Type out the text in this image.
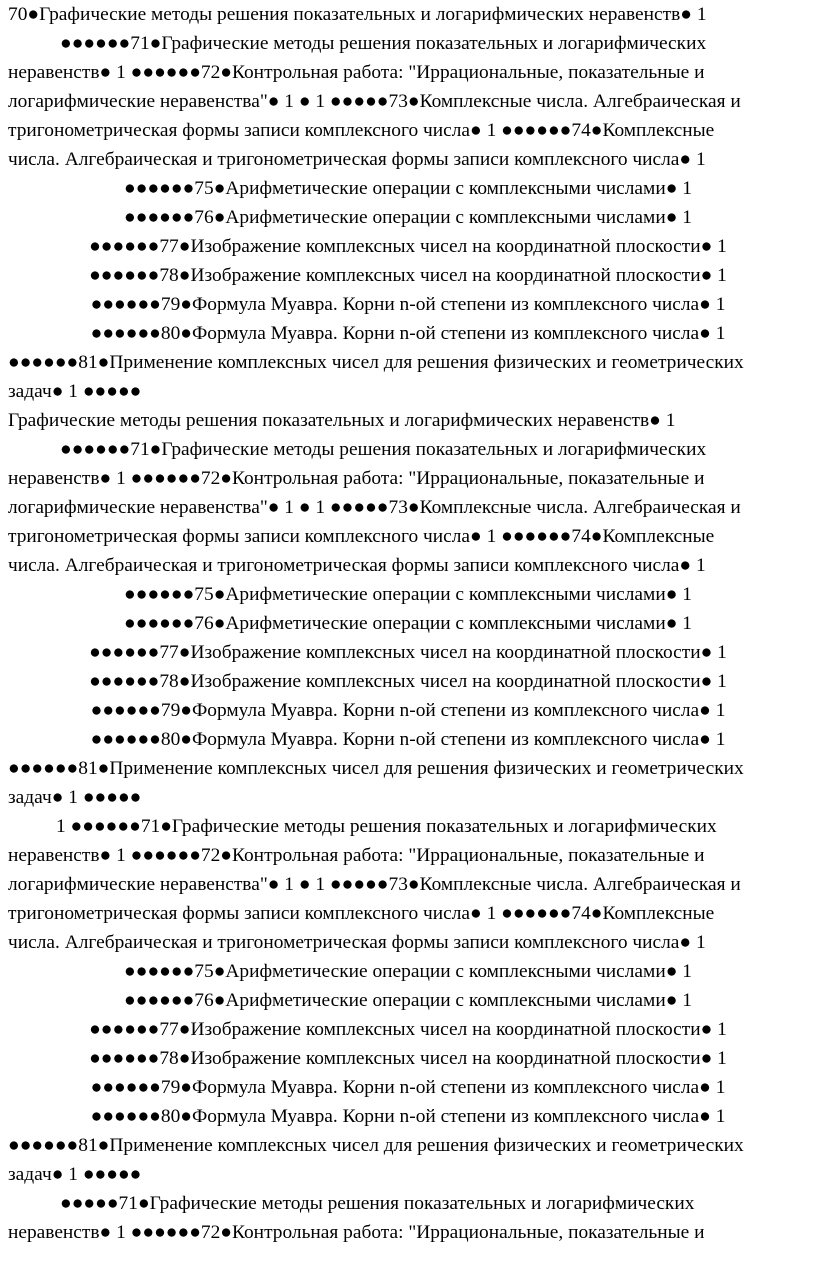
70●Графические методы решения показательных и логарифмических неравенств● 1
●●●●●●71●Графические методы решения показательных и логарифмических
неравенств● 1 ●●●●●●72●Контрольная работа: "Иррациональные, показательные и
логарифмические неравенства"● 1 ● 1 ●●●●●73●Комплексные числа. Алгебраическая и
тригонометрическая формы записи комплексного числа● 1 ●●●●●●74●Комплексные
числа. Алгебраическая и тригонометрическая формы записи комплексного числа● 1
●●●●●●75●Арифметические операции с комплексными числами● 1
●●●●●●76●Арифметические операции с комплексными числами● 1
●●●●●●77●Изображение комплексных чисел на координатной плоскости● 1
●●●●●●78●Изображение комплексных чисел на координатной плоскости● 1
●●●●●●79●Формула Муавра. Корни n-ой степени из комплексного числа● 1
●●●●●●80●Формула Муавра. Корни n-ой степени из комплексного числа● 1
●●●●●●81●Применение комплексных чисел для решения физических и геометрических
задач● 1 ●●●●●
Графические методы решения показательных и логарифмических неравенств● 1
●●●●●●71●Графические методы решения показательных и логарифмических
неравенств● 1 ●●●●●●72●Контрольная работа: "Иррациональные, показательные и
логарифмические неравенства"● 1 ● 1 ●●●●●73●Комплексные числа. Алгебраическая и
тригонометрическая формы записи комплексного числа● 1 ●●●●●●74●Комплексные
числа. Алгебраическая и тригонометрическая формы записи комплексного числа● 1
●●●●●●75●Арифметические операции с комплексными числами● 1
●●●●●●76●Арифметические операции с комплексными числами● 1
●●●●●●77●Изображение комплексных чисел на координатной плоскости● 1
●●●●●●78●Изображение комплексных чисел на координатной плоскости● 1
●●●●●●79●Формула Муавра. Корни n-ой степени из комплексного числа● 1
●●●●●●80●Формула Муавра. Корни n-ой степени из комплексного числа● 1
●●●●●●81●Применение комплексных чисел для решения физических и геометрических
задач● 1 ●●●●●
1 ●●●●●●71●Графические методы решения показательных и логарифмических
неравенств● 1 ●●●●●●72●Контрольная работа: "Иррациональные, показательные и
логарифмические неравенства"● 1 ● 1 ●●●●●73●Комплексные числа. Алгебраическая и
тригонометрическая формы записи комплексного числа● 1 ●●●●●●74●Комплексные
числа. Алгебраическая и тригонометрическая формы записи комплексного числа● 1
●●●●●●75●Арифметические операции с комплексными числами● 1
●●●●●●76●Арифметические операции с комплексными числами● 1
●●●●●●77●Изображение комплексных чисел на координатной плоскости● 1
●●●●●●78●Изображение комплексных чисел на координатной плоскости● 1
●●●●●●79●Формула Муавра. Корни n-ой степени из комплексного числа● 1
●●●●●●80●Формула Муавра. Корни n-ой степени из комплексного числа● 1
●●●●●●81●Применение комплексных чисел для решения физических и геометрических
задач● 1 ●●●●●
●●●●●71●Графические методы решения показательных и логарифмических
неравенств● 1 ●●●●●●72●Контрольная работа: "Иррациональные, показательные и
